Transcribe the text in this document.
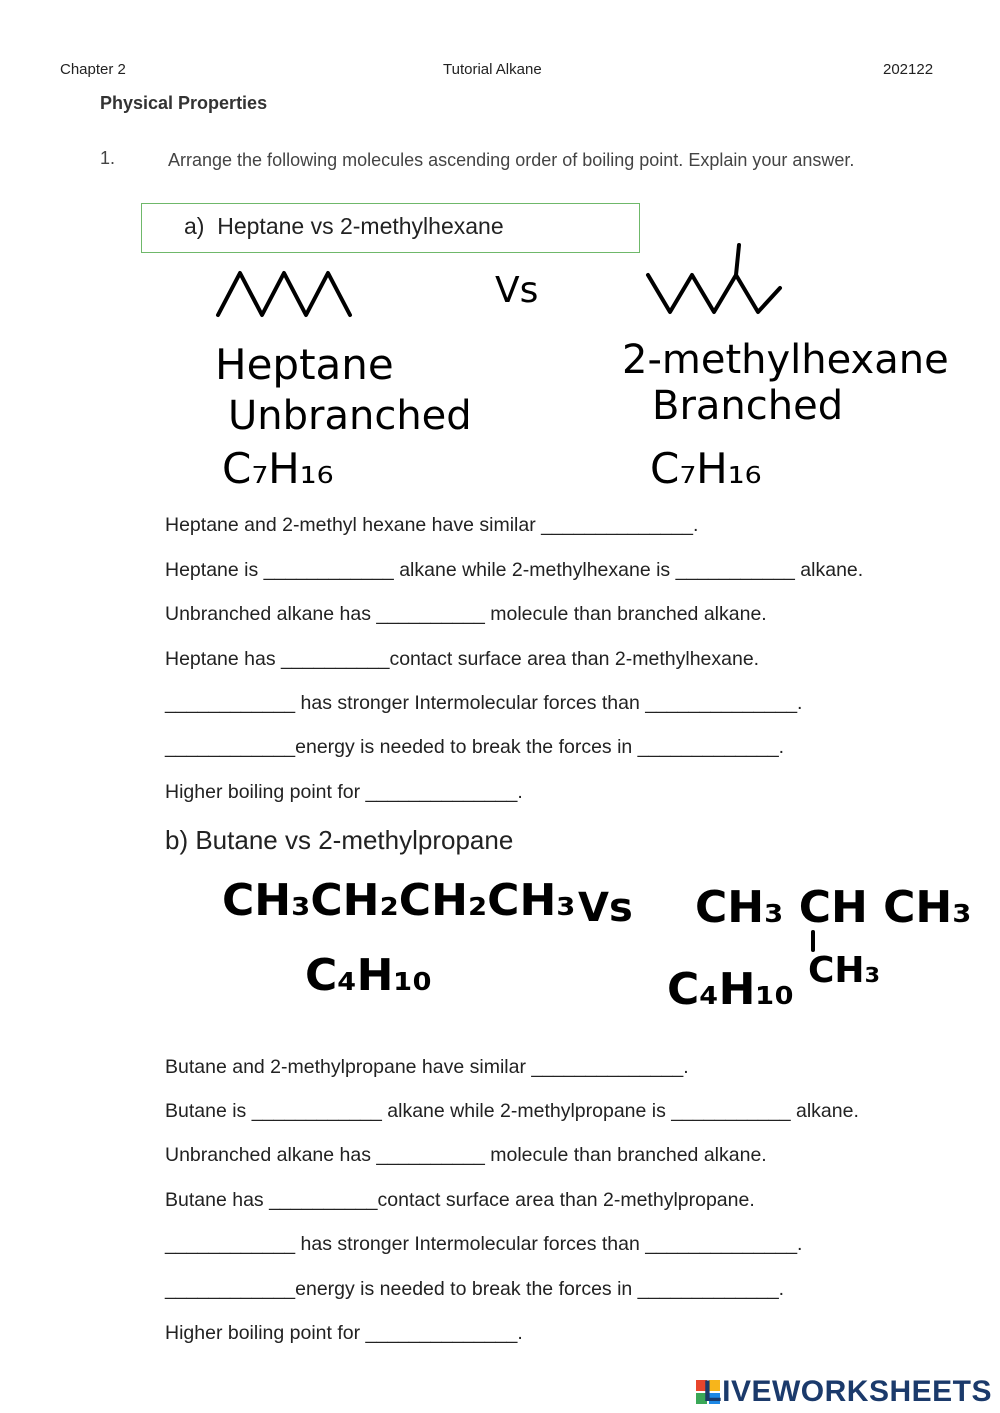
Chapter 2	Tutorial Alkane	202122
Physical Properties
1.	Arrange the following molecules ascending order of boiling point. Explain your answer.
a) Heptane vs 2-methylhexane
Vs
Heptane
Unbranched
C₇H₁₆
2-methylhexane
Branched
C₇H₁₆
Heptane and 2-methyl hexane have similar ______________.
Heptane is ____________ alkane while 2-methylhexane is ___________ alkane.
Unbranched alkane has __________ molecule than branched alkane.
Heptane has __________contact surface area than 2-methylhexane.
____________ has stronger Intermolecular forces than ______________.
____________energy is needed to break the forces in _____________.
Higher boiling point for ______________.
b) Butane vs 2-methylpropane
CH₃CH₂CH₂CH₃
C₄H₁₀
Vs CH₃ CH CH₃
CH₃
C₄H₁₀
Butane and 2-methylpropane have similar ______________.
Butane is ____________ alkane while 2-methylpropane is ___________ alkane.
Unbranched alkane has __________ molecule than branched alkane.
Butane has __________contact surface area than 2-methylpropane.
____________ has stronger Intermolecular forces than ______________.
____________energy is needed to break the forces in _____________.
Higher boiling point for ______________.
LIVEWORKSHEETS
